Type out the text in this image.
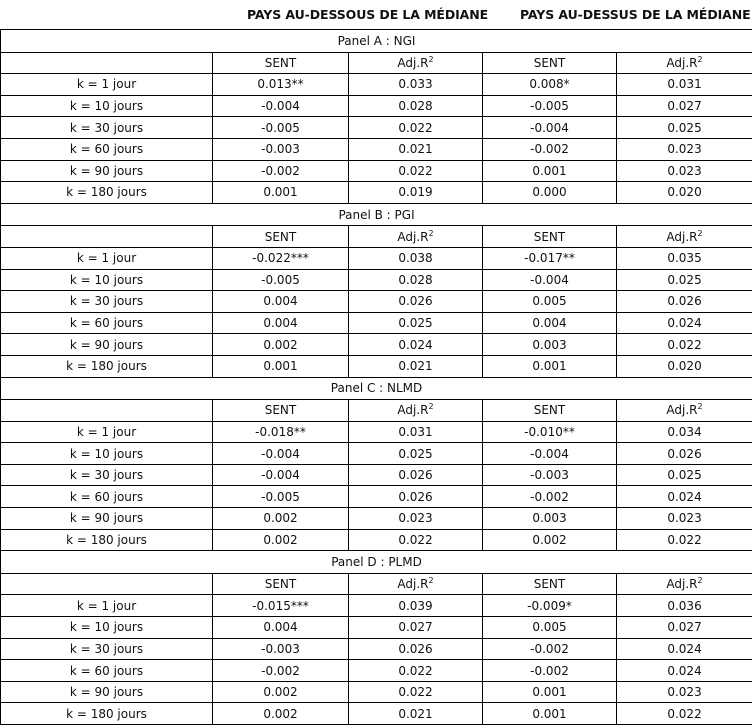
PAYS AU-DESSOUS DE LA MÉDIANE	PAYS AU-DESSUS DE LA MÉDIANE
Panel A : NGI				
	SENT	$Adj.R^2$	SENT	$Adj.R^2$
k = 1 jour	0.013**	0.033	0.008*	0.031
k = 10 jours	-0.004	0.028	-0.005	0.027
k = 30 jours	-0.005	0.022	-0.004	0.025
k = 60 jours	-0.003	0.021	-0.002	0.023
k = 90 jours	-0.002	0.022	0.001	0.023
k = 180 jours	0.001	0.019	0.000	0.020
Panel B : PGI				
	SENT	$Adj.R^2$	SENT	$Adj.R^2$
k = 1 jour	-0.022***	0.038	-0.017**	0.035
k = 10 jours	-0.005	0.028	-0.004	0.025
k = 30 jours	0.004	0.026	0.005	0.026
k = 60 jours	0.004	0.025	0.004	0.024
k = 90 jours	0.002	0.024	0.003	0.022
k = 180 jours	0.001	0.021	0.001	0.020
Panel C : NLMD				
	SENT	$Adj.R^2$	SENT	$Adj.R^2$
k = 1 jour	-0.018**	0.031	-0.010**	0.034
k = 10 jours	-0.004	0.025	-0.004	0.026
k = 30 jours	-0.004	0.026	-0.003	0.025
k = 60 jours	-0.005	0.026	-0.002	0.024
k = 90 jours	0.002	0.023	0.003	0.023
k = 180 jours	0.002	0.022	0.002	0.022
Panel D : PLMD				
	SENT	$Adj.R^2$	SENT	$Adj.R^2$
k = 1 jour	-0.015***	0.039	-0.009*	0.036
k = 10 jours	0.004	0.027	0.005	0.027
k = 30 jours	-0.003	0.026	-0.002	0.024
k = 60 jours	-0.002	0.022	-0.002	0.024
k = 90 jours	0.002	0.022	0.001	0.023
k = 180 jours	0.002	0.021	0.001	0.022
